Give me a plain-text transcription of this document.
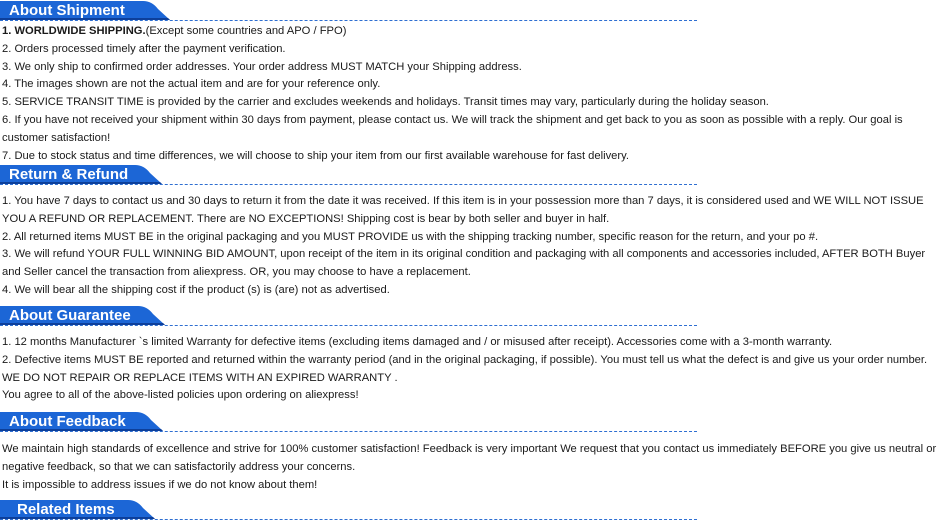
About Shipment
1. WORLDWIDE SHIPPING.(Except some countries and APO / FPO)
2. Orders processed timely after the payment verification.
3. We only ship to confirmed order addresses. Your order address MUST MATCH your Shipping address.
4. The images shown are not the actual item and are for your reference only.
5. SERVICE TRANSIT TIME is provided by the carrier and excludes weekends and holidays. Transit times may vary, particularly during the holiday season.
6. If you have not received your shipment within 30 days from payment, please contact us. We will track the shipment and get back to you as soon as possible with a reply. Our goal is customer satisfaction!
7. Due to stock status and time differences, we will choose to ship your item from our first available warehouse for fast delivery.
Return & Refund
1. You have 7 days to contact us and 30 days to return it from the date it was received. If this item is in your possession more than 7 days, it is considered used and WE WILL NOT ISSUE YOU A REFUND OR REPLACEMENT. There are NO EXCEPTIONS! Shipping cost is bear by both seller and buyer in half.
2. All returned items MUST BE in the original packaging and you MUST PROVIDE us with the shipping tracking number, specific reason for the return, and your po #.
3. We will refund YOUR FULL WINNING BID AMOUNT, upon receipt of the item in its original condition and packaging with all components and accessories included, AFTER BOTH Buyer and Seller cancel the transaction from aliexpress. OR, you may choose to have a replacement.
4. We will bear all the shipping cost if the product (s) is (are) not as advertised.
About Guarantee
1. 12 months Manufacturer `s limited Warranty for defective items (excluding items damaged and / or misused after receipt). Accessories come with a 3-month warranty.
2. Defective items MUST BE reported and returned within the warranty period (and in the original packaging, if possible). You must tell us what the defect is and give us your order number. WE DO NOT REPAIR OR REPLACE ITEMS WITH AN EXPIRED WARRANTY .
You agree to all of the above-listed policies upon ordering on aliexpress!
About Feedback
We maintain high standards of excellence and strive for 100% customer satisfaction! Feedback is very important We request that you contact us immediately BEFORE you give us neutral or negative feedback, so that we can satisfactorily address your concerns.
It is impossible to address issues if we do not know about them!
Related Items
